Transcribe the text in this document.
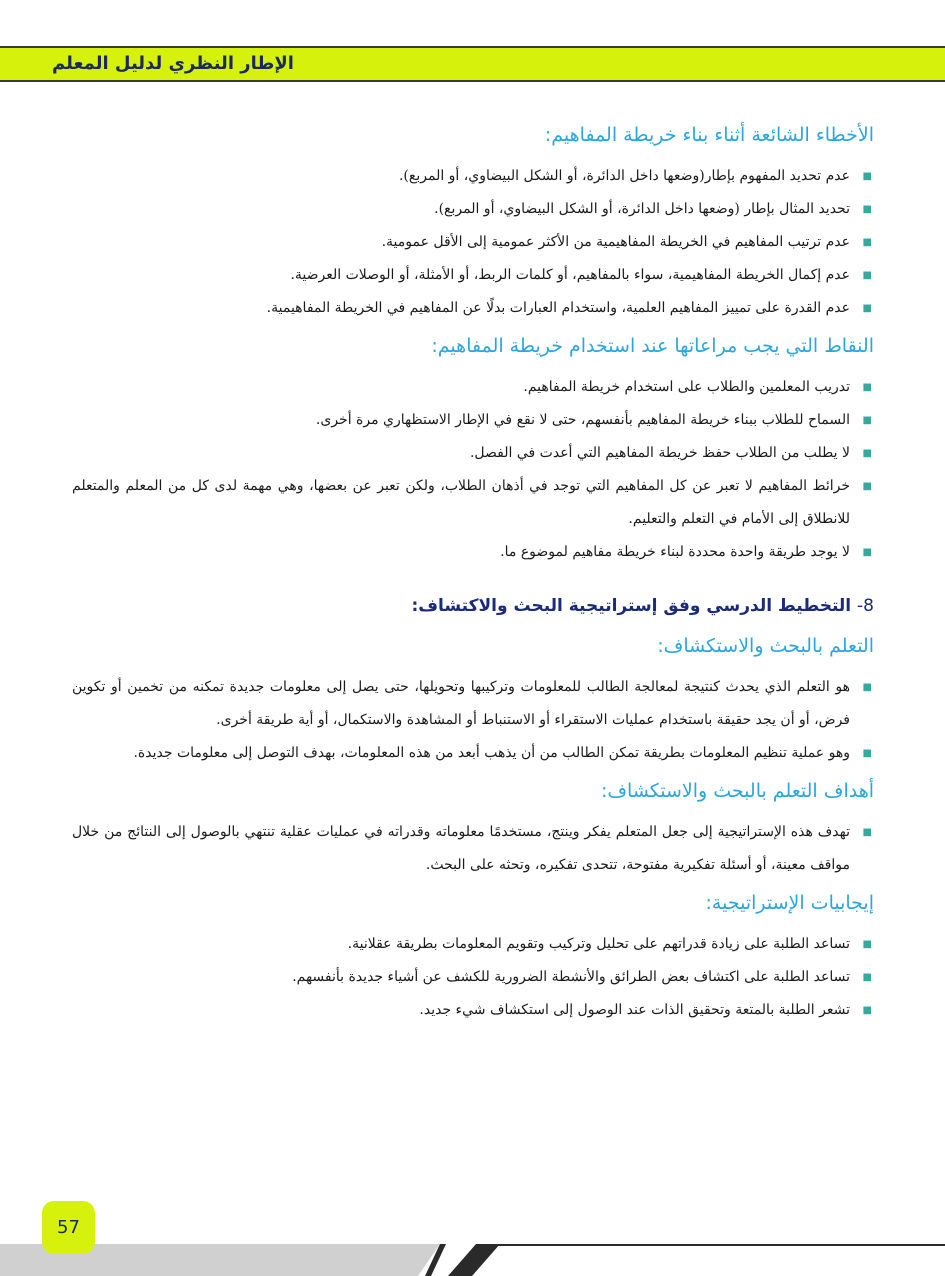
الإطار النظري لدليل المعلم
الأخطاء الشائعة أثناء بناء خريطة المفاهيم:
■
عدم تحديد المفهوم بإطار(وضعها داخل الدائرة، أو الشكل البيضاوي، أو المربع).
■
تحديد المثال بإطار (وضعها داخل الدائرة، أو الشكل البيضاوي، أو المربع).
■
عدم ترتيب المفاهيم في الخريطة المفاهيمية من الأكثر عمومية إلى الأقل عمومية.
■
عدم إكمال الخريطة المفاهيمية، سواء بالمفاهيم، أو كلمات الربط، أو الأمثلة، أو الوصلات العرضية.
■
عدم القدرة على تمييز المفاهيم العلمية، واستخدام العبارات بدلًا عن المفاهيم في الخريطة المفاهيمية.
النقاط التي يجب مراعاتها عند استخدام خريطة المفاهيم:
■
تدريب المعلمين والطلاب على استخدام خريطة المفاهيم.
■
السماح للطلاب ببناء خريطة المفاهيم بأنفسهم، حتى لا نقع في الإطار الاستظهاري مرة أخرى.
■
لا يطلب من الطلاب حفظ خريطة المفاهيم التي أعدت في الفصل.
■
خرائط المفاهيم لا تعبر عن كل المفاهيم التي توجد في أذهان الطلاب، ولكن تعبر عن بعضها، وهي مهمة لدى كل من المعلم والمتعلم للانطلاق إلى الأمام في التعلم والتعليم.
■
لا يوجد طريقة واحدة محددة لبناء خريطة مفاهيم لموضوع ما.
8- التخطيط الدرسي وفق إستراتيجية البحث والاكتشاف:
التعلم بالبحث والاستكشاف:
■
هو التعلم الذي يحدث كنتيجة لمعالجة الطالب للمعلومات وتركيبها وتحويلها، حتى يصل إلى معلومات جديدة تمكنه من تخمين أو تكوين فرض، أو أن يجد حقيقة باستخدام عمليات الاستقراء أو الاستنباط أو المشاهدة والاستكمال، أو أية طريقة أخرى.
■
وهو عملية تنظيم المعلومات بطريقة تمكن الطالب من أن يذهب أبعد من هذه المعلومات، بهدف التوصل إلى معلومات جديدة.
أهداف التعلم بالبحث والاستكشاف:
■
تهدف هذه الإستراتيجية إلى جعل المتعلم يفكر وينتج، مستخدمًا معلوماته وقدراته في عمليات عقلية تنتهي بالوصول إلى النتائج من خلال مواقف معينة، أو أسئلة تفكيرية مفتوحة، تتحدى تفكيره، وتحثه على البحث.
إيجابيات الإستراتيجية:
■
تساعد الطلبة على زيادة قدراتهم على تحليل وتركيب وتقويم المعلومات بطريقة عقلانية.
■
تساعد الطلبة على اكتشاف بعض الطرائق والأنشطة الضرورية للكشف عن أشياء جديدة بأنفسهم.
■
تشعر الطلبة بالمتعة وتحقيق الذات عند الوصول إلى استكشاف شيء جديد.
57
